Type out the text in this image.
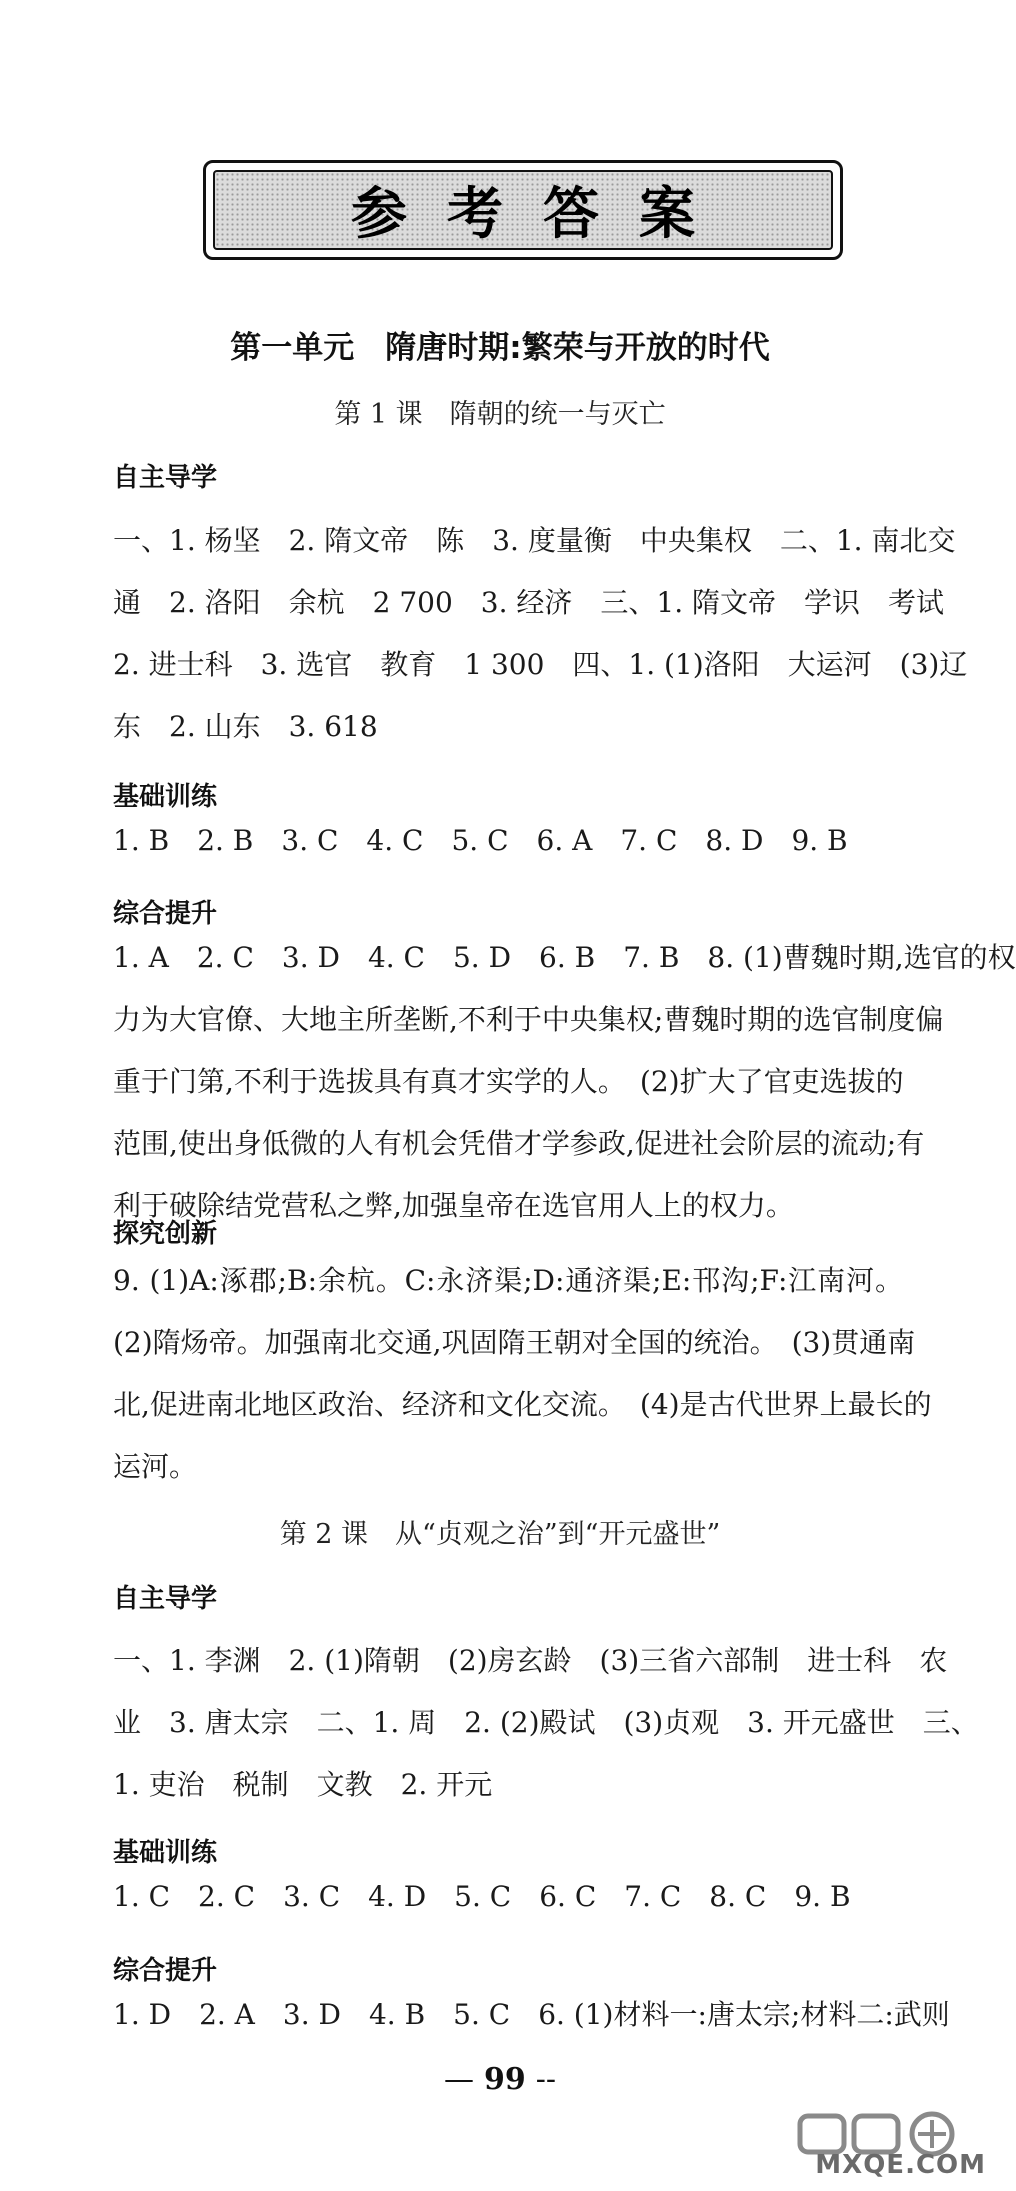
参考答案
第一单元　隋唐时期:繁荣与开放的时代
第 1 课　隋朝的统一与灭亡
自主导学
一、1. 杨坚　2. 隋文帝　陈　3. 度量衡　中央集权　二、1. 南北交
通　2. 洛阳　余杭　2 700　3. 经济　三、1. 隋文帝　学识　考试
2. 进士科　3. 选官　教育　1 300　四、1. (1)洛阳　大运河　(3)辽
东　2. 山东　3. 618
基础训练
1. B　2. B　3. C　4. C　5. C　6. A　7. C　8. D　9. B
综合提升
1. A　2. C　3. D　4. C　5. D　6. B　7. B　8. (1)曹魏时期,选官的权
力为大官僚、大地主所垄断,不利于中央集权;曹魏时期的选官制度偏
重于门第,不利于选拔具有真才实学的人。　(2)扩大了官吏选拔的
范围,使出身低微的人有机会凭借才学参政,促进社会阶层的流动;有
利于破除结党营私之弊,加强皇帝在选官用人上的权力。
探究创新
9. (1)A:涿郡;B:余杭。C:永济渠;D:通济渠;E:邗沟;F:江南河。
(2)隋炀帝。加强南北交通,巩固隋王朝对全国的统治。　(3)贯通南
北,促进南北地区政治、经济和文化交流。　(4)是古代世界上最长的
运河。
第 2 课　从“贞观之治”到“开元盛世”
自主导学
一、1. 李渊　2. (1)隋朝　(2)房玄龄　(3)三省六部制　进士科　农
业　3. 唐太宗　二、1. 周　2. (2)殿试　(3)贞观　3. 开元盛世　三、
1. 吏治　税制　文教　2. 开元
基础训练
1. C　2. C　3. C　4. D　5. C　6. C　7. C　8. C　9. B
综合提升
1. D　2. A　3. D　4. B　5. C　6. (1)材料一:唐太宗;材料二:武则
— 99 --
MXQE.COM
